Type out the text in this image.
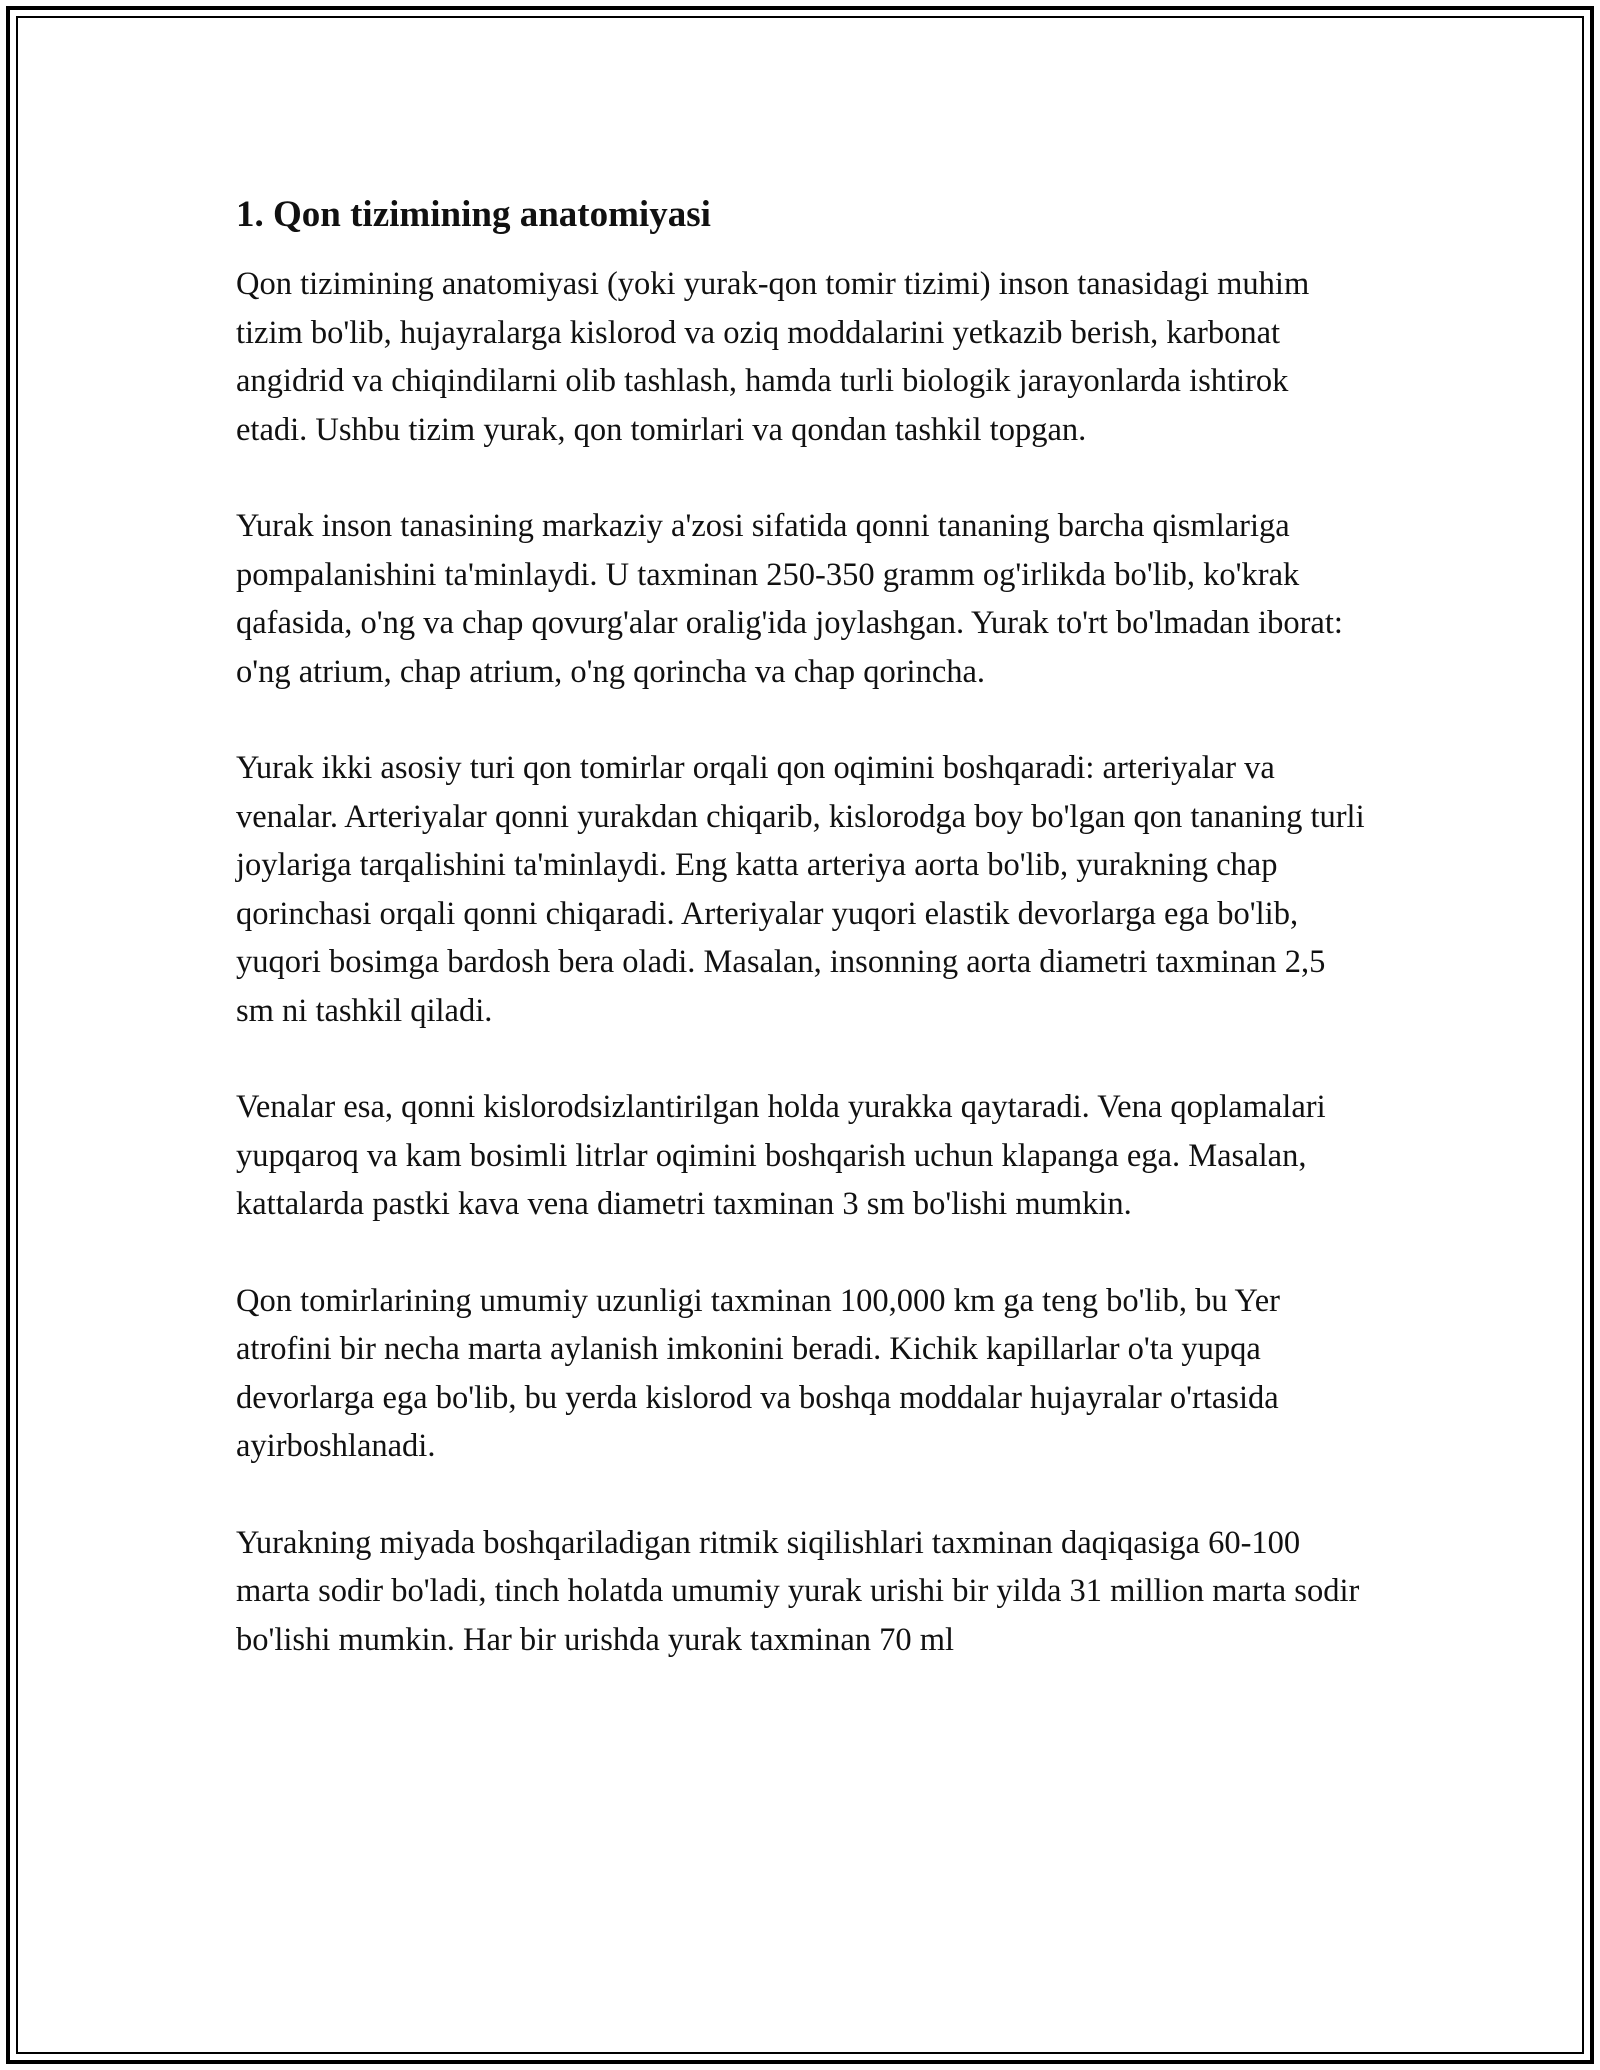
1. Qon tizimining anatomiyasi

Qon tizimining anatomiyasi (yoki yurak-qon tomir tizimi) inson tanasidagi muhim tizim bo'lib, hujayralarga kislorod va oziq moddalarini yetkazib berish, karbonat angidrid va chiqindilarni olib tashlash, hamda turli biologik jarayonlarda ishtirok etadi. Ushbu tizim yurak, qon tomirlari va qondan tashkil topgan.

Yurak inson tanasining markaziy a'zosi sifatida qonni tananing barcha qismlariga pompalanishini ta'minlaydi. U taxminan 250-350 gramm og'irlikda bo'lib, ko'krak qafasida, o'ng va chap qovurg'alar oralig'ida joylashgan. Yurak to'rt bo'lmadan iborat: o'ng atrium, chap atrium, o'ng qorincha va chap qorincha.

Yurak ikki asosiy turi qon tomirlar orqali qon oqimini boshqaradi: arteriyalar va venalar. Arteriyalar qonni yurakdan chiqarib, kislorodga boy bo'lgan qon tananing turli joylariga tarqalishini ta'minlaydi. Eng katta arteriya aorta bo'lib, yurakning chap qorinchasi orqali qonni chiqaradi. Arteriyalar yuqori elastik devorlarga ega bo'lib, yuqori bosimga bardosh bera oladi. Masalan, insonning aorta diametri taxminan 2,5 sm ni tashkil qiladi.

Venalar esa, qonni kislorodsizlantirilgan holda yurakka qaytaradi. Vena qoplamalari yupqaroq va kam bosimli litrlar oqimini boshqarish uchun klapanga ega. Masalan, kattalarda pastki kava vena diametri taxminan 3 sm bo'lishi mumkin.

Qon tomirlarining umumiy uzunligi taxminan 100,000 km ga teng bo'lib, bu Yer atrofini bir necha marta aylanish imkonini beradi. Kichik kapillarlar o'ta yupqa devorlarga ega bo'lib, bu yerda kislorod va boshqa moddalar hujayralar o'rtasida ayirboshlanadi.

Yurakning miyada boshqariladigan ritmik siqilishlari taxminan daqiqasiga 60-100 marta sodir bo'ladi, tinch holatda umumiy yurak urishi bir yilda 31 million marta sodir bo'lishi mumkin. Har bir urishda yurak taxminan 70 ml
